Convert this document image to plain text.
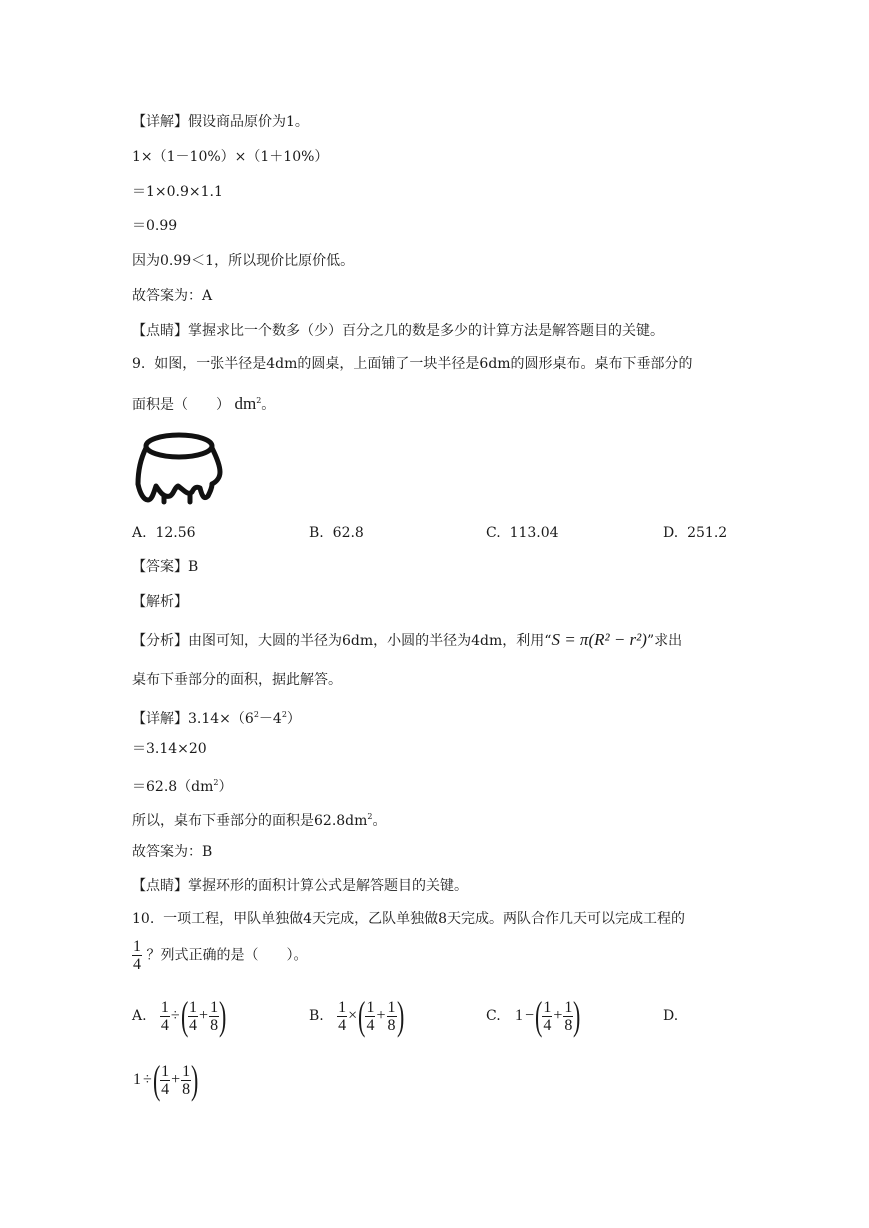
【详解】假设商品原价为1。
1×（1－10%）×（1＋10%）
＝1×0.9×1.1
＝0.99
因为0.99＜1，所以现价比原价低。
故答案为：A
【点睛】掌握求比一个数多（少）百分之几的数是多少的计算方法是解答题目的关键。
9. 如图，一张半径是4dm的圆桌，上面铺了一块半径是6dm的圆形桌布。桌布下垂部分的
面积是（　　） $dm^2$。
A. 12.56	B. 62.8	C. 113.04	D. 251.2
【答案】B
【解析】
【分析】由图可知，大圆的半径为6dm，小圆的半径为4dm，利用“S = π(R² − r²)”求出
桌布下垂部分的面积，据此解答。
【详解】$3.14\times(6^2-4^2)$
＝3.14×20
$=62.8(dm^2)$
所以，桌布下垂部分的面积是$62.8dm^2$。
故答案为：B
【点睛】掌握环形的面积计算公式是解答题目的关键。
10. 一项工程，甲队单独做4天完成，乙队单独做8天完成。两队合作几天可以完成工程的
$\frac{1}{4}$ ？列式正确的是（　　）。
A.
$\frac{1}{4}$ ÷ ( $\frac{1}{4} + \frac{1}{8}$ )	B.
$\frac{1}{4}$ × ( $\frac{1}{4} + \frac{1}{8}$ )	C.
1 − ( $\frac{1}{4} + \frac{1}{8}$ )	D.
1 ÷ ( $\frac{1}{4} + \frac{1}{8}$ )
